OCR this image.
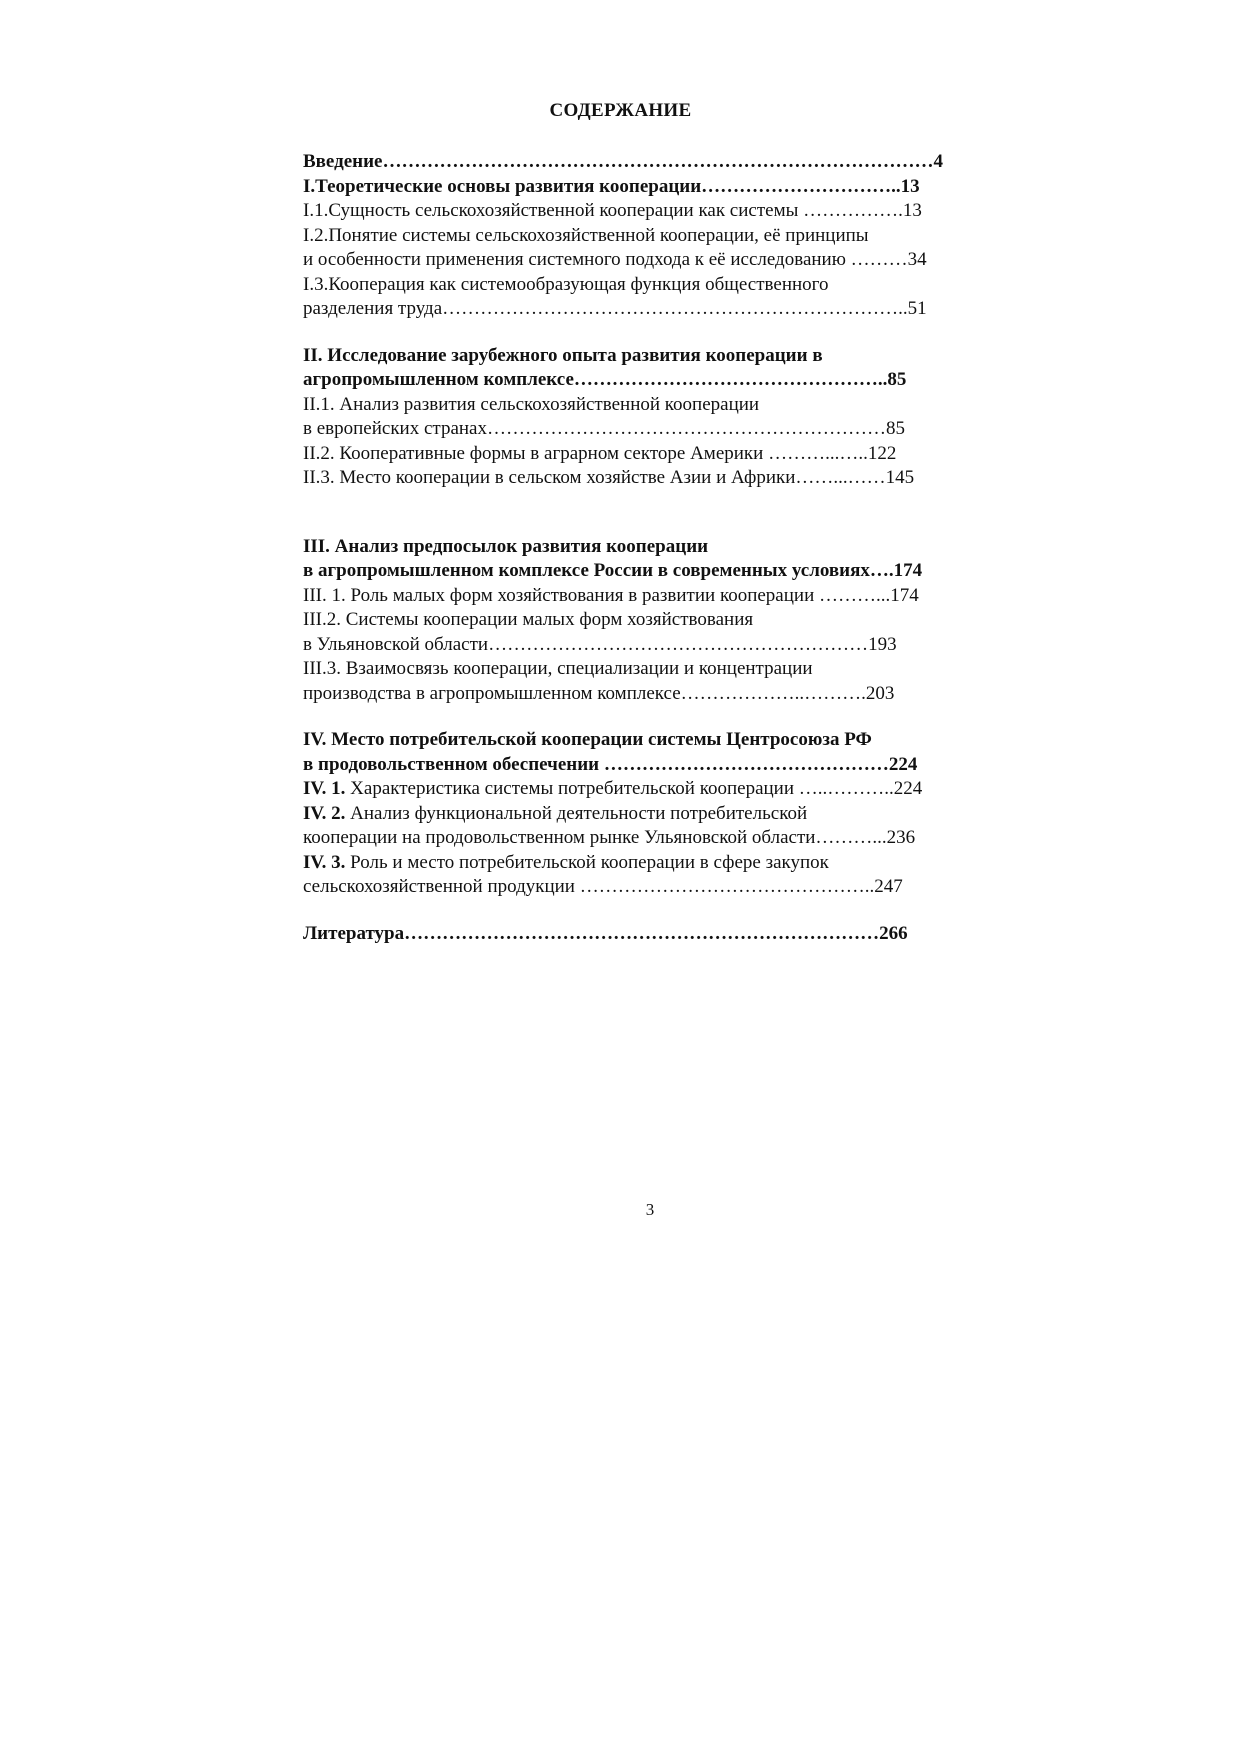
СОДЕРЖАНИЕ
Введение……………………………………………………………………………4
I.Теоретические основы развития кооперации…………………………..13
I.1.Сущность сельскохозяйственной кооперации как системы …………….13
I.2.Понятие системы сельскохозяйственной кооперации, её принципы
и особенности применения системного подхода к её исследованию ………34
I.3.Кооперация как системообразующая функция общественного
разделения труда………………………………………………………………..51
II. Исследование зарубежного опыта развития кооперации в
агропромышленном комплексе…………………………………………..85
II.1. Анализ развития сельскохозяйственной кооперации
в европейских странах………………………………………………………85
II.2. Кооперативные формы в аграрном секторе Америки ………...…..122
II.3. Место кооперации в сельском хозяйстве Азии и Африки……...……145
III. Анализ предпосылок развития кооперации
в агропромышленном комплексе России в современных условиях….174
III. 1. Роль малых форм хозяйствования в развитии кооперации ………...174
III.2. Системы кооперации малых форм хозяйствования
в Ульяновской области……………………………………………………193
III.3. Взаимосвязь кооперации, специализации и концентрации
производства в агропромышленном комплексе………………..……….203
IV. Место потребительской кооперации системы Центросоюза РФ
в продовольственном обеспечении ………………………………………224
IV. 1. Характеристика системы потребительской кооперации …..………..224
IV. 2. Анализ функциональной деятельности потребительской
кооперации на продовольственном рынке Ульяновской области………...236
IV. 3. Роль и место потребительской кооперации в сфере закупок
сельскохозяйственной продукции ………………………………………..247
Литература…………………………………………………………………266
3
